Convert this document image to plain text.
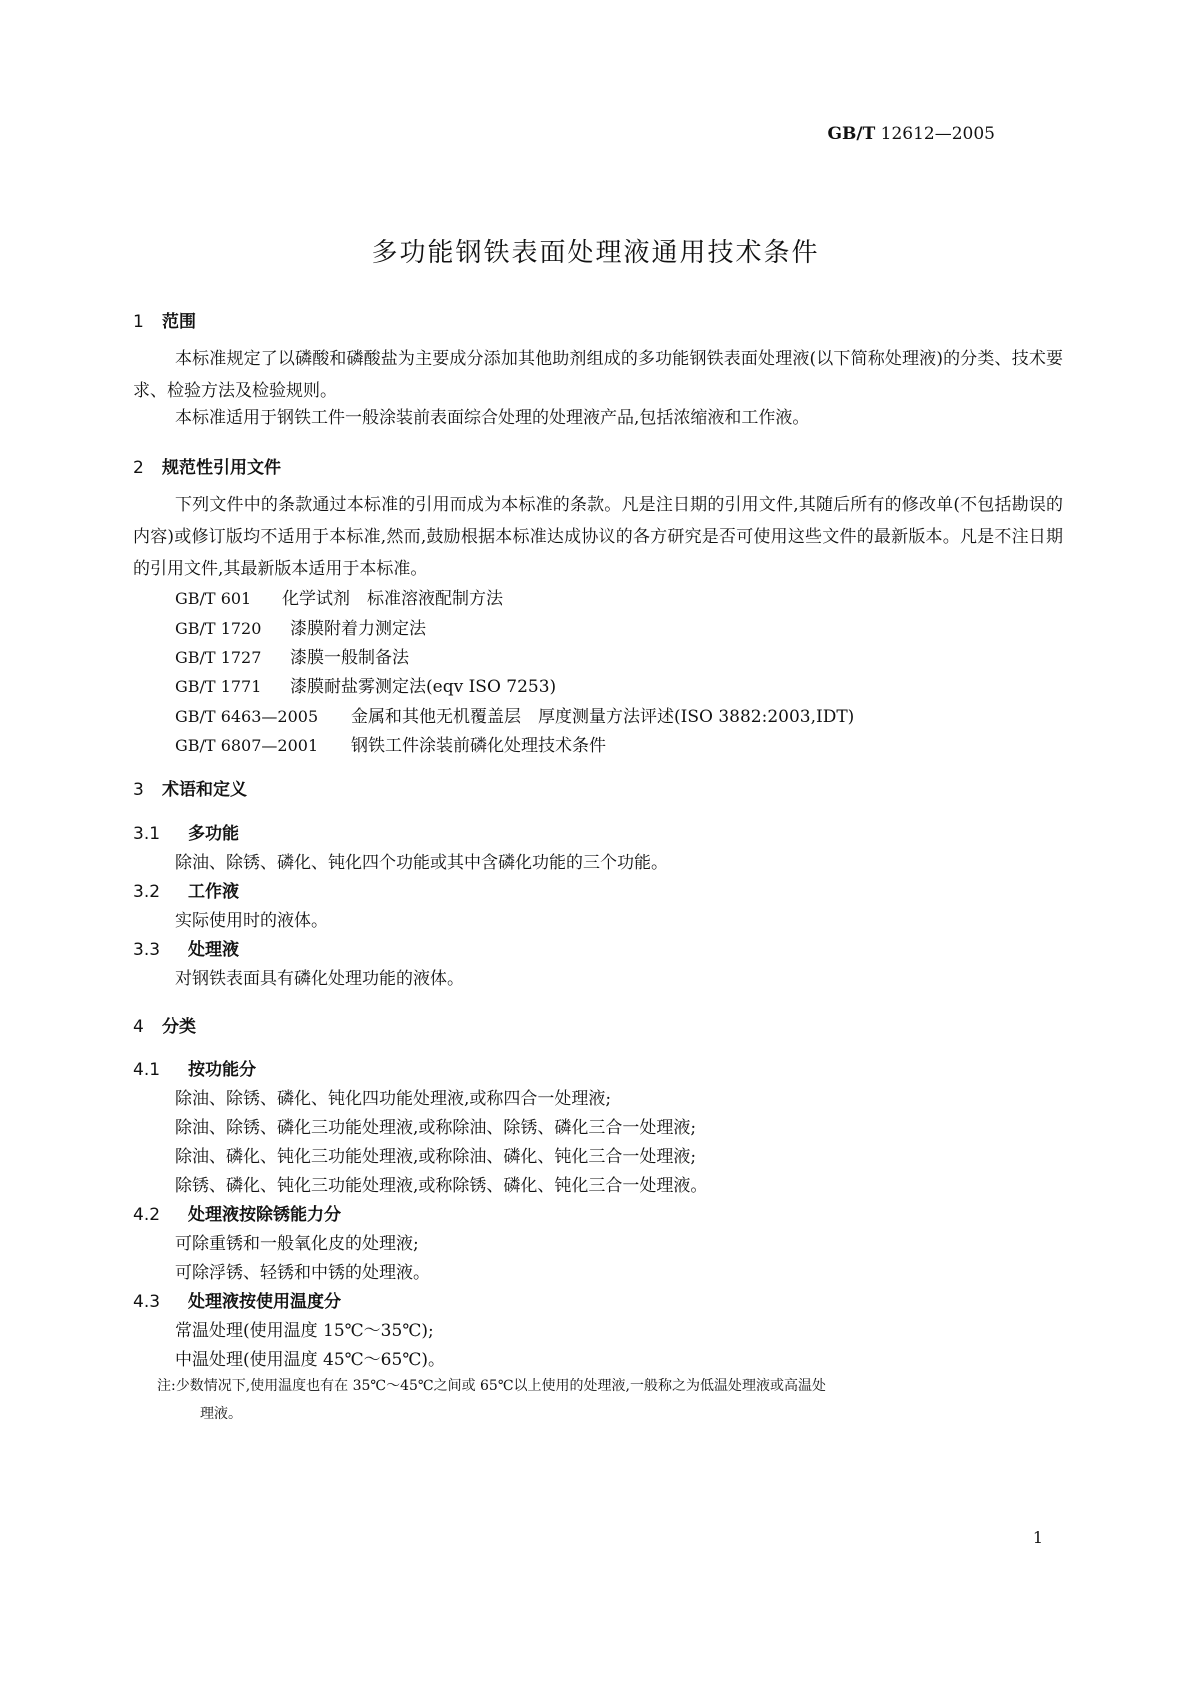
GB/T 12612—2005
多功能钢铁表面处理液通用技术条件
1 范围
本标准规定了以磷酸和磷酸盐为主要成分添加其他助剂组成的多功能钢铁表面处理液(以下简称处理液)的分类、技术要求、检验方法及检验规则。
本标准适用于钢铁工件一般涂装前表面综合处理的处理液产品,包括浓缩液和工作液。
2 规范性引用文件
下列文件中的条款通过本标准的引用而成为本标准的条款。凡是注日期的引用文件,其随后所有的修改单(不包括勘误的内容)或修订版均不适用于本标准,然而,鼓励根据本标准达成协议的各方研究是否可使用这些文件的最新版本。凡是不注日期的引用文件,其最新版本适用于本标准。
GB/T 601 化学试剂　标准溶液配制方法
GB/T 1720 漆膜附着力测定法
GB/T 1727 漆膜一般制备法
GB/T 1771 漆膜耐盐雾测定法(eqv ISO 7253)
GB/T 6463—2005 金属和其他无机覆盖层　厚度测量方法评述(ISO 3882:2003,IDT)
GB/T 6807—2001 钢铁工件涂装前磷化处理技术条件
3 术语和定义
3.1 多功能
除油、除锈、磷化、钝化四个功能或其中含磷化功能的三个功能。
3.2 工作液
实际使用时的液体。
3.3 处理液
对钢铁表面具有磷化处理功能的液体。
4 分类
4.1 按功能分
除油、除锈、磷化、钝化四功能处理液,或称四合一处理液;
除油、除锈、磷化三功能处理液,或称除油、除锈、磷化三合一处理液;
除油、磷化、钝化三功能处理液,或称除油、磷化、钝化三合一处理液;
除锈、磷化、钝化三功能处理液,或称除锈、磷化、钝化三合一处理液。
4.2 处理液按除锈能力分
可除重锈和一般氧化皮的处理液;
可除浮锈、轻锈和中锈的处理液。
4.3 处理液按使用温度分
常温处理(使用温度 15℃～35℃);
中温处理(使用温度 45℃～65℃)。
注:少数情况下,使用温度也有在 35℃～45℃之间或 65℃以上使用的处理液,一般称之为低温处理液或高温处
理液。
1
